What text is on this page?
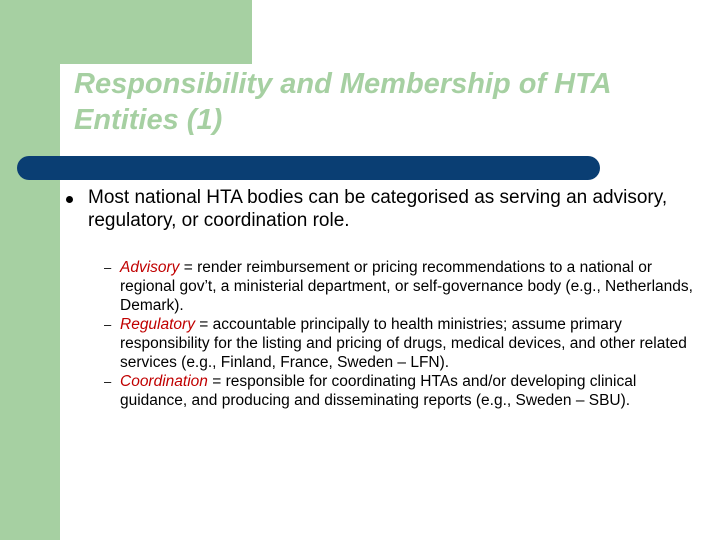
Responsibility and Membership of HTA Entities (1)
Most national HTA bodies can be categorised as serving an advisory, regulatory, or coordination role.
– Advisory = render reimbursement or pricing recommendations to a national or regional gov’t, a ministerial department, or self-governance body (e.g., Netherlands, Demark).
– Regulatory = accountable principally to health ministries; assume primary responsibility for the listing and pricing of drugs, medical devices, and other related services (e.g., Finland, France, Sweden – LFN).
– Coordination = responsible for coordinating HTAs and/or developing clinical guidance, and producing and disseminating reports (e.g., Sweden – SBU).
